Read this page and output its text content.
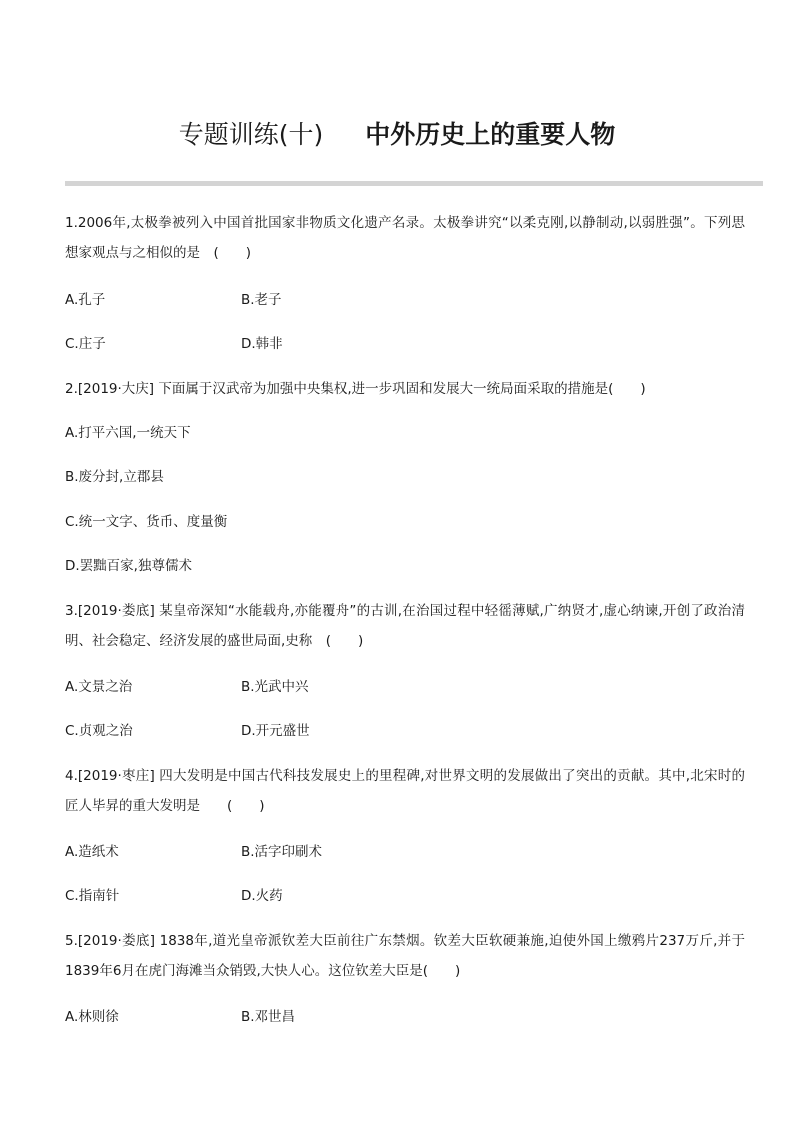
专题训练(十) 中外历史上的重要人物
1.2006年,太极拳被列入中国首批国家非物质文化遗产名录。太极拳讲究“以柔克刚,以静制动,以弱胜强”。下列思想家观点与之相似的是　(　　)
A.孔子	B.老子
C.庄子	D.韩非
2.[2019·大庆] 下面属于汉武帝为加强中央集权,进一步巩固和发展大一统局面采取的措施是(　　)
A.打平六国,一统天下
B.废分封,立郡县
C.统一文字、货币、度量衡
D.罢黜百家,独尊儒术
3.[2019·娄底] 某皇帝深知“水能载舟,亦能覆舟”的古训,在治国过程中轻徭薄赋,广纳贤才,虚心纳谏,开创了政治清明、社会稳定、经济发展的盛世局面,史称　(　　)
A.文景之治	B.光武中兴
C.贞观之治	D.开元盛世
4.[2019·枣庄] 四大发明是中国古代科技发展史上的里程碑,对世界文明的发展做出了突出的贡献。其中,北宋时的匠人毕昇的重大发明是　　(　　)
A.造纸术	B.活字印刷术
C.指南针	D.火药
5.[2019·娄底] 1838年,道光皇帝派钦差大臣前往广东禁烟。钦差大臣软硬兼施,迫使外国上缴鸦片237万斤,并于1839年6月在虎门海滩当众销毁,大快人心。这位钦差大臣是(　　)
A.林则徐	B.邓世昌
